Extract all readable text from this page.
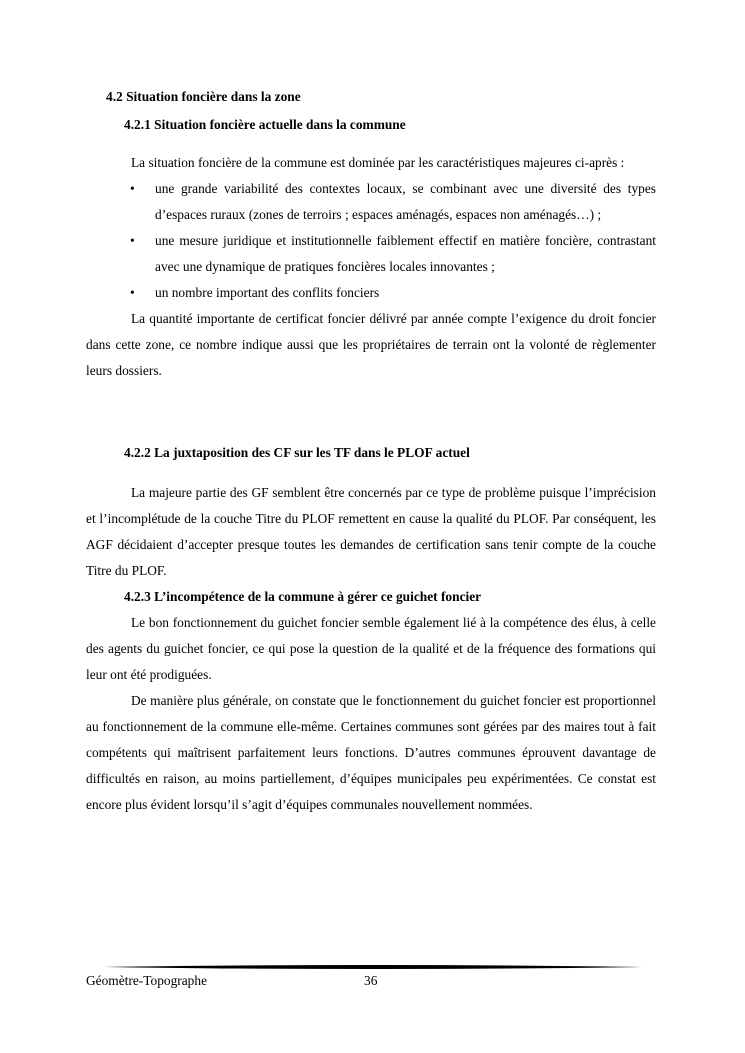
4.2 Situation foncière dans la zone
4.2.1 Situation foncière actuelle dans la commune

La situation foncière de la commune est dominée par les caractéristiques majeures ci-après :

• une grande variabilité des contextes locaux, se combinant avec une diversité des types d’espaces ruraux (zones de terroirs ; espaces aménagés, espaces non aménagés…) ;
• une mesure juridique et institutionnelle faiblement effectif en matière foncière, contrastant avec une dynamique de pratiques foncières locales innovantes ;
• un nombre important des conflits fonciers

La quantité importante de certificat foncier délivré par année compte l’exigence du droit foncier dans cette zone, ce nombre indique aussi que les propriétaires de terrain ont la volonté de règlementer leurs dossiers.

4.2.2 La juxtaposition des CF sur les TF dans le PLOF actuel

La majeure partie des GF semblent être concernés par ce type de problème puisque l’imprécision et l’incomplétude de la couche Titre du PLOF remettent en cause la qualité du PLOF. Par conséquent, les AGF décidaient d’accepter presque toutes les demandes de certification sans tenir compte de la couche Titre du PLOF.

4.2.3 L’incompétence de la commune à gérer ce guichet foncier

Le bon fonctionnement du guichet foncier semble également lié à la compétence des élus, à celle des agents du guichet foncier, ce qui pose la question de la qualité et de la fréquence des formations qui leur ont été prodiguées.

De manière plus générale, on constate que le fonctionnement du guichet foncier est proportionnel au fonctionnement de la commune elle-même. Certaines communes sont gérées par des maires tout à fait compétents qui maîtrisent parfaitement leurs fonctions. D’autres communes éprouvent davantage de difficultés en raison, au moins partiellement, d’équipes municipales peu expérimentées. Ce constat est encore plus évident lorsqu’il s’agit d’équipes communales nouvellement nommées.

Géomètre-Topographe	36
